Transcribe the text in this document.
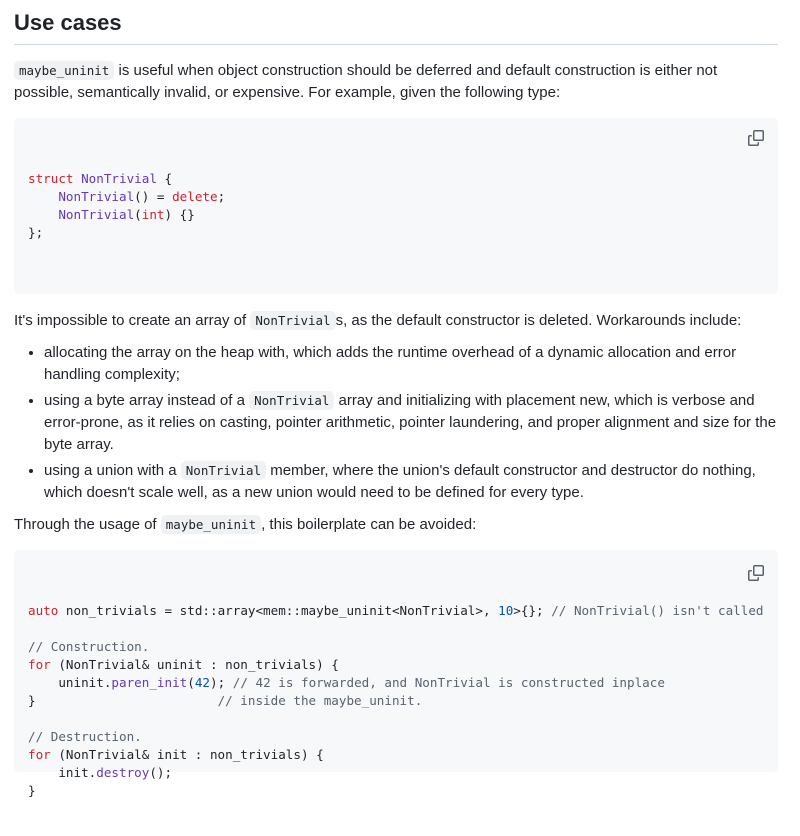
Use cases

maybe_uninit is useful when object construction should be deferred and default construction is either not possible, semantically invalid, or expensive. For example, given the following type:

struct NonTrivial {
NonTrivial() = delete;
NonTrivial(int) {}
};

It's impossible to create an array of NonTrivial s, as the default constructor is deleted. Workarounds include:

• allocating the array on the heap with, which adds the runtime overhead of a dynamic allocation and error handling complexity;
• using a byte array instead of a NonTrivial array and initializing with placement new, which is verbose and error-prone, as it relies on casting, pointer arithmetic, pointer laundering, and proper alignment and size for the byte array.
• using a union with a NonTrivial member, where the union's default constructor and destructor do nothing, which doesn't scale well, as a new union would need to be defined for every type.

Through the usage of maybe_uninit , this boilerplate can be avoided:

auto non_trivials = std::array<mem::maybe_uninit<NonTrivial>, 10>{}; // NonTrivial() isn't called

// Construction.
for (NonTrivial& uninit : non_trivials) {
uninit.paren_init(42); // 42 is forwarded, and NonTrivial is constructed inplace
}                        // inside the maybe_uninit.

// Destruction.
for (NonTrivial& init : non_trivials) {
init.destroy();
}
